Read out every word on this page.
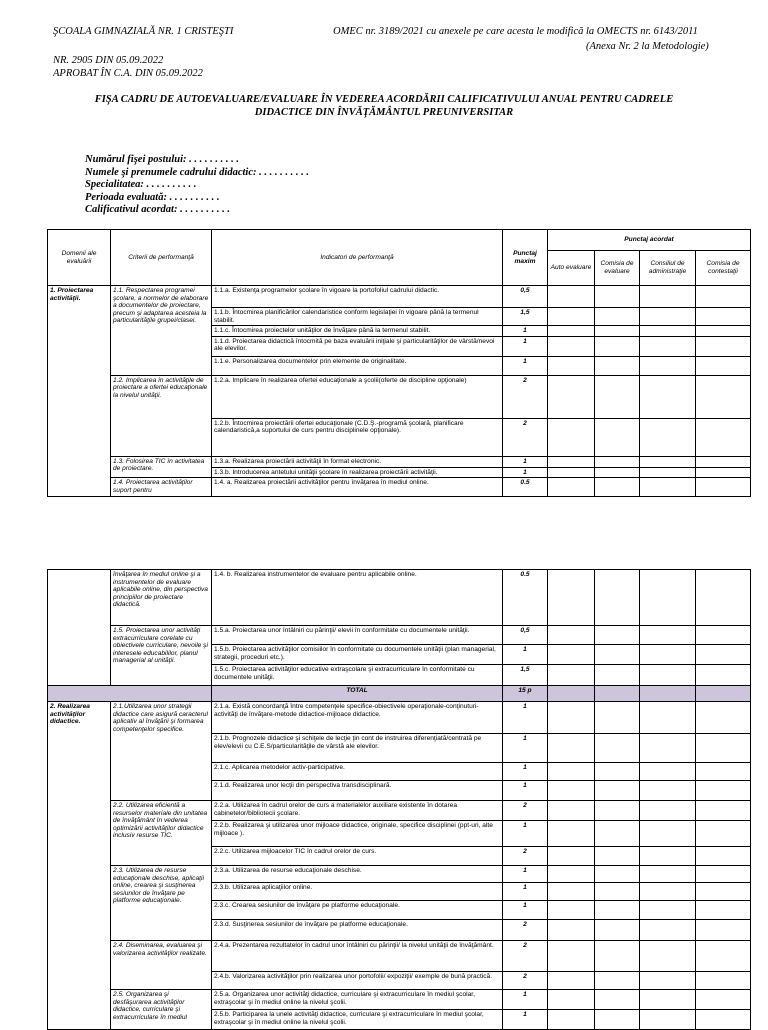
ŞCOALA GIMNAZIALĂ NR. 1 CRISTEŞTI	OMEC nr. 3189/2021 cu anexele pe care acesta le modifică la OMECTS nr. 6143/2011
(Anexa Nr. 2 la Metodologie)
NR. 2905 DIN 05.09.2022
APROBAT ÎN C.A. DIN 05.09.2022
FIŞA CADRU DE AUTOEVALUARE/EVALUARE ÎN VEDEREA ACORDĂRII CALIFICATIVULUI ANUAL PENTRU CADRELE
DIDACTICE DIN ÎNVĂŢĂMÂNTUL PREUNIVERSITAR
Numărul fişei postului: . . . . . . . . . .
Numele şi prenumele cadrului didactic: . . . . . . . . . .
Specialitatea: . . . . . . . . . .
Perioada evaluată: . . . . . . . . . .
Calificativul acordat: . . . . . . . . . .
Domenii ale evaluării	Criterii de performanţă	Indicatori de performanţă	Punctaj maxim	Punctaj acordat			
				Auto evaluare	Comisia de evaluare	Consiliul de administraţie	Comisia de contestaţii
1. Proiectarea activităţii.	1.1. Respectarea programei şcolare, a normelor de elaborare a documentelor de proiectare, precum şi adaptarea acesteia la particularităţile grupei/clasei.	1.1.a. Existenţa programelor şcolare în vigoare la portofoliul cadrului didactic.	0,5				
		1.1.b. Întocmirea planificărilor calendaristice conform legislaţiei în vigoare până la termenul stabilit.	1,5				
		1.1.c. Întocmirea proiectelor unităţilor de învăţare până la termenul stabilit.	1				
		1.1.d. Proiectarea didactică întocmită pe baza evaluării iniţiale şi particularităţilor de vârstă/nevoi ale elevilor.	1				
		1.1.e. Personalizarea documentelor prin elemente de originalitate.	1				
	1.2. Implicarea în activităţile de proiectare a ofertei educaţionale la nivelul unităţii.	1.2.a. Implicare în realizarea ofertei educaţionale a şcolii(oferte de discipline opţionale)	2				
		1.2.b. Întocmirea proiectării ofertei educaţionale (C.D.Ş.-programă şcolară, planificare calendaristică,a suportului de curs pentru disciplinele opţionale).	2				
	1.3. Folosirea TIC în activitatea de proiectare.	1.3.a. Realizarea proiectării activităţii în format electronic.	1				
		1.3.b. Introducerea antetului unităţii şcolare în realizarea proiectării activităţii.	1				
	1.4. Proiectarea activităţilor suport pentru	1.4. a. Realizarea proiectării activităţilor pentru învăţarea în mediul online.	0.5				
	învăţarea în mediul online şi a instrumentelor de evaluare aplicabile online, din perspectiva principiilor de proiectare didactică.	1.4. b. Realizarea instrumentelor de evaluare pentru aplicabile online.	0.5				
	1.5. Proiectarea unor activităţi extracurriculare corelate cu obiectivele curriculare, nevoile şi interesele educabililor, planul managerial al unităţii.	1.5.a. Proiectarea unor întâlniri cu părinţii/ elevii în conformitate cu documentele unităţii.	0,5				
		1.5.b. Proiectarea activităţilor comisiilor în conformitate cu documentele unităţii (plan managerial, strategii, proceduri etc.).	1				
		1.5.c. Proiectarea activităţilor educative extraşcolare şi extracurriculare în conformitate cu documentele unităţii.	1,5				
		TOTAL	15 p				
2. Realizarea activităţilor didactice.	2.1.Utilizarea unor strategii didactice care asigură caracterul aplicativ al învăţării şi formarea competenţelor specifice.	2.1.a. Există concordanţă între competenţele specifice-obiectivele operaţionale-conţinuturi-activităţi de învăţare-metode didactice-mijloace didactice.	1				
		2.1.b. Prognozele didactice şi schiţele de lecţie ţin cont de instruirea diferenţiată/centrată pe elev/elevii cu C.E.S/particularităţile de vârstă ale elevilor.	1				
		2.1.c. Aplicarea metodelor activ-participative.	1				
		2.1.d. Realizarea unor lecţii din perspectiva transdisciplinară.	1				
	2.2. Utilizarea eficientă a resurselor materiale din unitatea de învăţământ în vederea optimizării activităţilor didactice inclusiv resurse TIC.	2.2.a. Utilizarea în cadrul orelor de curs a materialelor auxiliare existente în dotarea cabinetelor/bibliotecii şcolare.	2				
		2.2.b. Realizarea şi utilizarea unor mijloace didactice, originale, specifice disciplinei (ppt-uri, alte mijloace ).	1				
		2.2.c. Utilizarea mijloacelor TIC în cadrul orelor de curs.	2				
	2.3. Utilizarea de resurse educaţionale deschise, aplicaţii online, crearea şi susţinerea sesiunilor de învăţare pe platforme educaţionale.	2.3.a. Utilizarea de resurse educaţionale deschise.	1				
		2.3.b. Utilizarea aplicaţiilor online.	1				
		2.3.c. Crearea sesiunilor de învăţare pe platforme educaţionale.	1				
		2.3.d. Susţinerea sesiunilor de învăţare pe platforme educaţionale.	2				
	2.4. Diseminarea, evaluarea şi valorizarea activităţilor realizate.	2.4.a. Prezentarea rezultatelor în cadrul unor întâlniri cu părinţii/ la nivelul unităţii de învăţământ.	2				
		2.4.b. Valorizarea activităţilor prin realizarea unor portofolii/ expoziţii/ exemple de bună practică.	2				
	2.5. Organizarea şi desfăşurarea activităţilor didactice, curriculare şi extracurriculare în mediul	2.5.a. Organizarea unor activităţi didactice, curriculare şi extracurriculare în mediul şcolar, extraşcolar şi în mediul online la nivelul şcolii.	1				
		2.5.b. Participarea la unele activităţi didactice, curriculare şi extracurriculare în mediul şcolar, extraşcolar şi în mediul online la nivelul şcolii.	1				
